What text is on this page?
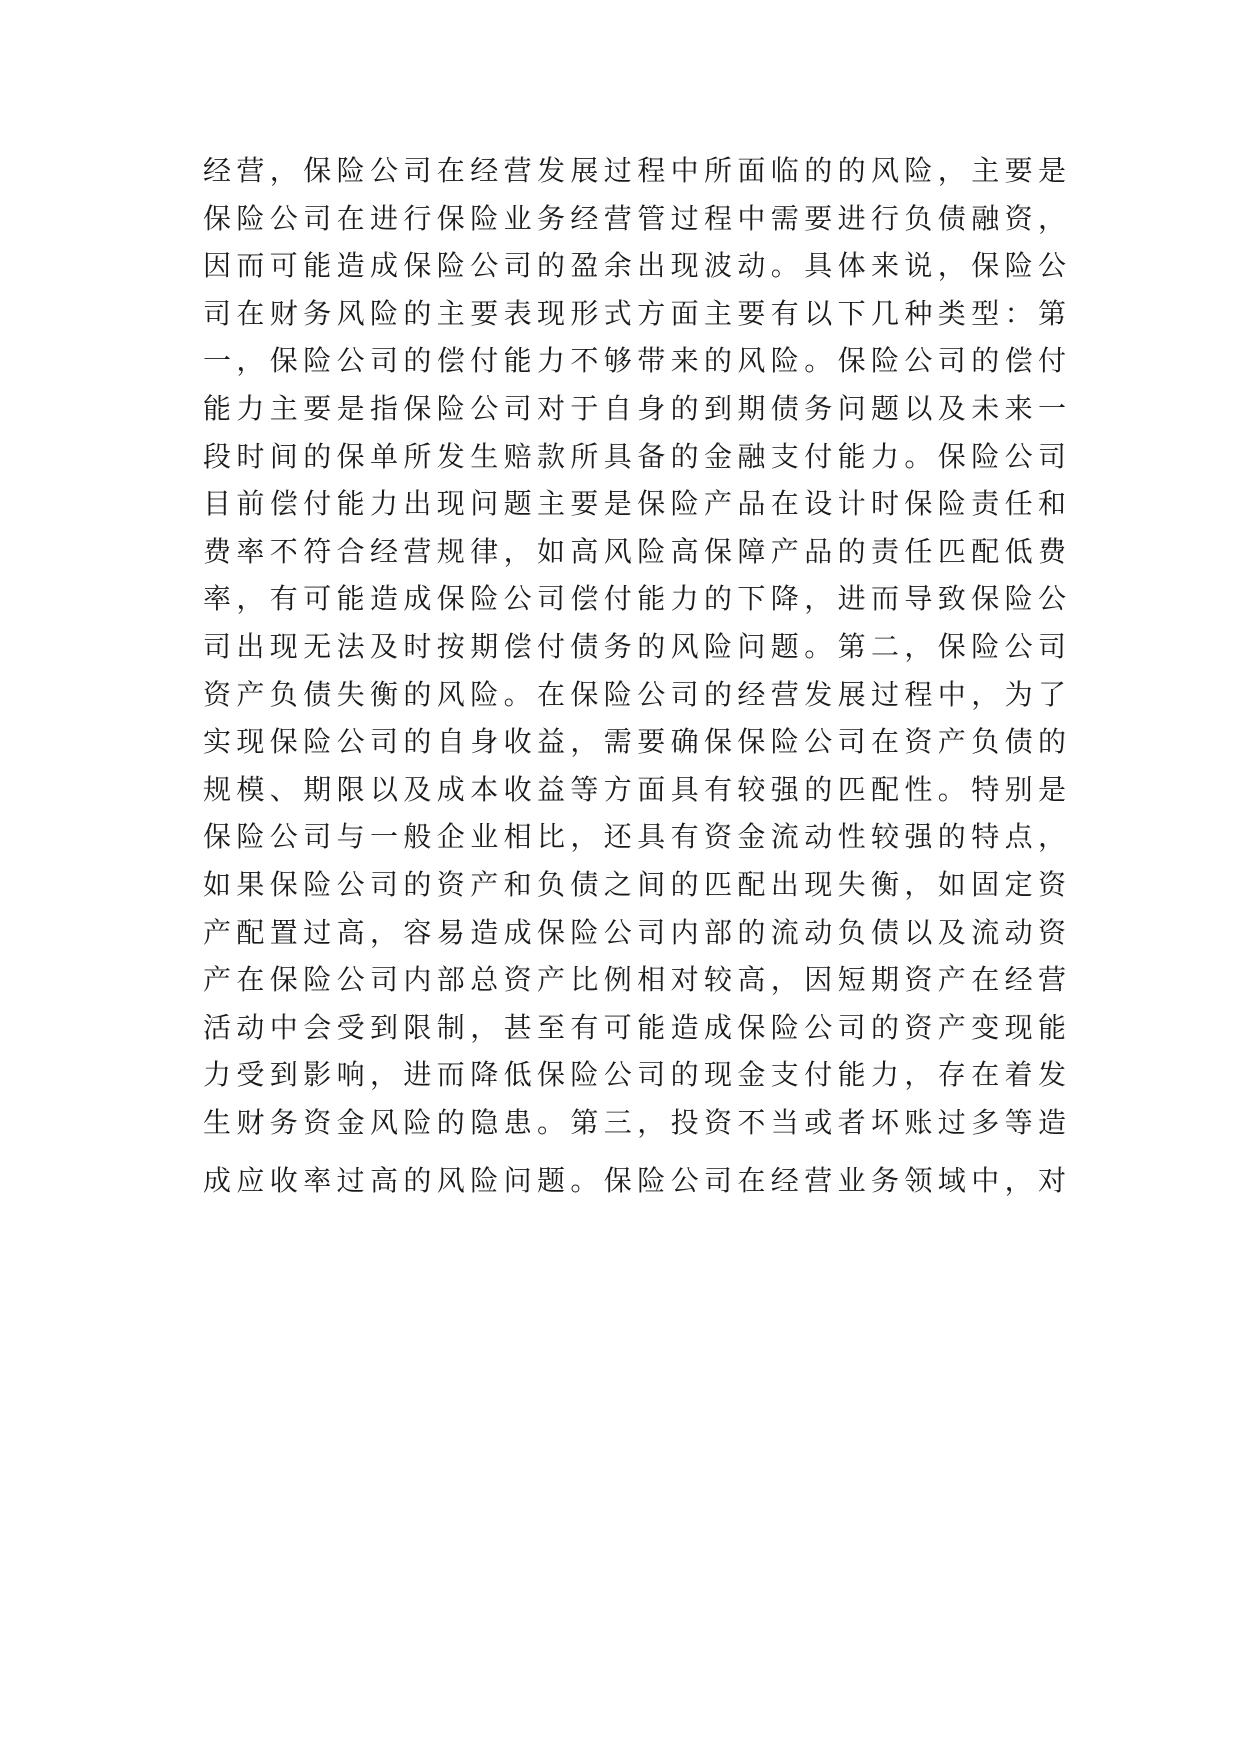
经营，保险公司在经营发展过程中所面临的的风险，主要是
保险公司在进行保险业务经营管过程中需要进行负债融资，
因而可能造成保险公司的盈余出现波动。具体来说，保险公
司在财务风险的主要表现形式方面主要有以下几种类型：第
一，保险公司的偿付能力不够带来的风险。保险公司的偿付
能力主要是指保险公司对于自身的到期债务问题以及未来一
段时间的保单所发生赔款所具备的金融支付能力。保险公司
目前偿付能力出现问题主要是保险产品在设计时保险责任和
费率不符合经营规律，如高风险高保障产品的责任匹配低费
率，有可能造成保险公司偿付能力的下降，进而导致保险公
司出现无法及时按期偿付债务的风险问题。第二，保险公司
资产负债失衡的风险。在保险公司的经营发展过程中，为了
实现保险公司的自身收益，需要确保保险公司在资产负债的
规模、期限以及成本收益等方面具有较强的匹配性。特别是
保险公司与一般企业相比，还具有资金流动性较强的特点，
如果保险公司的资产和负债之间的匹配出现失衡，如固定资
产配置过高，容易造成保险公司内部的流动负债以及流动资
产在保险公司内部总资产比例相对较高，因短期资产在经营
活动中会受到限制，甚至有可能造成保险公司的资产变现能
力受到影响，进而降低保险公司的现金支付能力，存在着发
生财务资金风险的隐患。第三，投资不当或者坏账过多等造
成应收率过高的风险问题。保险公司在经营业务领域中，对
